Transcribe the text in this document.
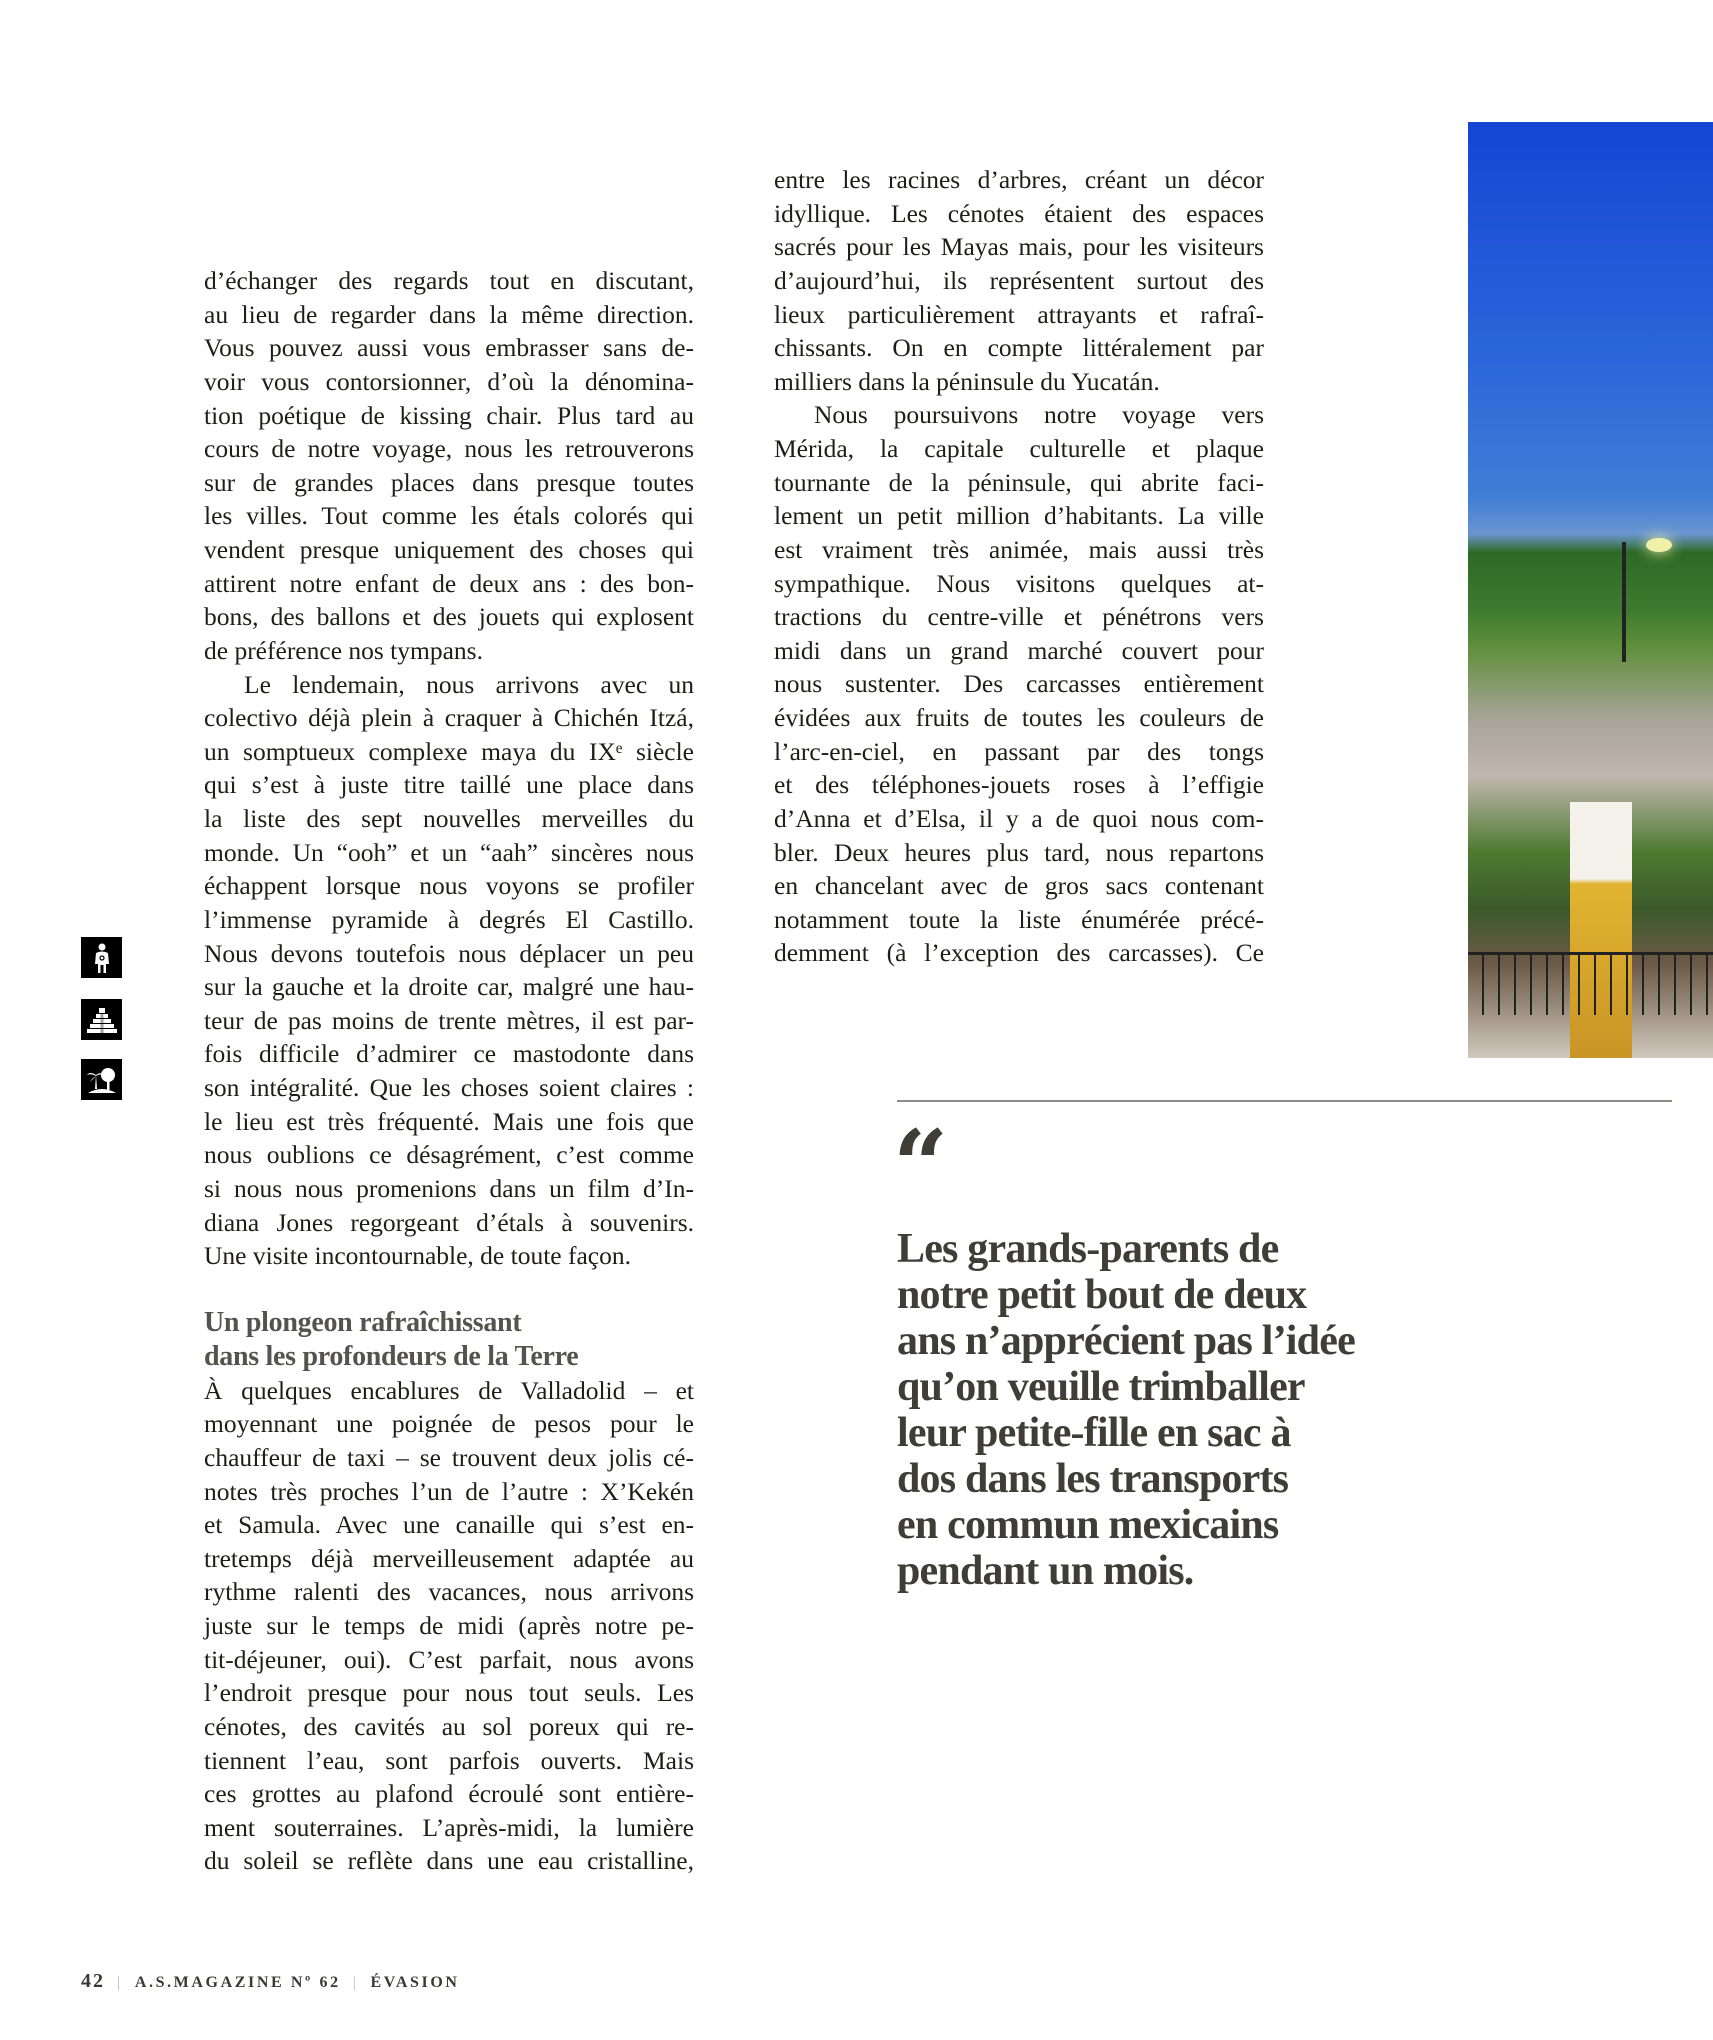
d’échanger des regards tout en discutant,
au lieu de regarder dans la même direction.
Vous pouvez aussi vous embrasser sans de-
voir vous contorsionner, d’où la dénomina-
tion poétique de kissing chair. Plus tard au
cours de notre voyage, nous les retrouverons
sur de grandes places dans presque toutes
les villes. Tout comme les étals colorés qui
vendent presque uniquement des choses qui
attirent notre enfant de deux ans : des bon-
bons, des ballons et des jouets qui explosent
de préférence nos tympans.
Le lendemain, nous arrivons avec un
colectivo déjà plein à craquer à Chichén Itzá,
un somptueux complexe maya du IXᵉ siècle
qui s’est à juste titre taillé une place dans
la liste des sept nouvelles merveilles du
monde. Un “ooh” et un “aah” sincères nous
échappent lorsque nous voyons se profiler
l’immense pyramide à degrés El Castillo.
Nous devons toutefois nous déplacer un peu
sur la gauche et la droite car, malgré une hau-
teur de pas moins de trente mètres, il est par-
fois difficile d’admirer ce mastodonte dans
son intégralité. Que les choses soient claires :
le lieu est très fréquenté. Mais une fois que
nous oublions ce désagrément, c’est comme
si nous nous promenions dans un film d’In-
diana Jones regorgeant d’étals à souvenirs.
Une visite incontournable, de toute façon.
Un plongeon rafraîchissant
dans les profondeurs de la Terre
À quelques encablures de Valladolid – et
moyennant une poignée de pesos pour le
chauffeur de taxi – se trouvent deux jolis cé-
notes très proches l’un de l’autre : X’Kekén
et Samula. Avec une canaille qui s’est en-
tretemps déjà merveilleusement adaptée au
rythme ralenti des vacances, nous arrivons
juste sur le temps de midi (après notre pe-
tit-déjeuner, oui). C’est parfait, nous avons
l’endroit presque pour nous tout seuls. Les
cénotes, des cavités au sol poreux qui re-
tiennent l’eau, sont parfois ouverts. Mais
ces grottes au plafond écroulé sont entière-
ment souterraines. L’après-midi, la lumière
du soleil se reflète dans une eau cristalline,
entre les racines d’arbres, créant un décor
idyllique. Les cénotes étaient des espaces
sacrés pour les Mayas mais, pour les visiteurs
d’aujourd’hui, ils représentent surtout des
lieux particulièrement attrayants et rafraî-
chissants. On en compte littéralement par
milliers dans la péninsule du Yucatán.
Nous poursuivons notre voyage vers
Mérida, la capitale culturelle et plaque
tournante de la péninsule, qui abrite faci-
lement un petit million d’habitants. La ville
est vraiment très animée, mais aussi très
sympathique. Nous visitons quelques at-
tractions du centre-ville et pénétrons vers
midi dans un grand marché couvert pour
nous sustenter. Des carcasses entièrement
évidées aux fruits de toutes les couleurs de
l’arc-en-ciel, en passant par des tongs
et des téléphones-jouets roses à l’effigie
d’Anna et d’Elsa, il y a de quoi nous com-
bler. Deux heures plus tard, nous repartons
en chancelant avec de gros sacs contenant
notamment toute la liste énumérée précé-
demment (à l’exception des carcasses). Ce
“
Les grands-parents de
notre petit bout de deux
ans n’apprécient pas l’idée
qu’on veuille trimballer
leur petite-fille en sac à
dos dans les transports
en commun mexicains
pendant un mois.
42 | A.S.MAGAZINE Nº 62 | ÉVASION
